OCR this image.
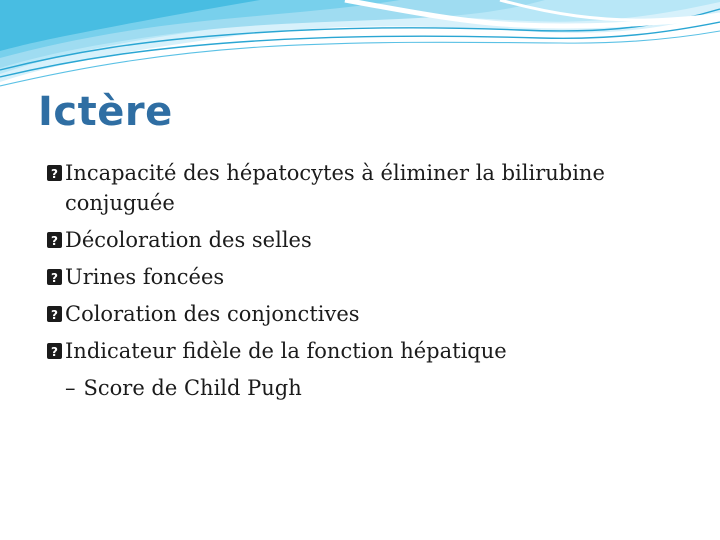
Ictère

?
Incapacité des hépatocytes à éliminer la bilirubine conjuguée

?
Décoloration des selles

?
Urines foncées

?
Coloration des conjonctives

?
Indicateur fidèle de la fonction hépatique

– Score de Child Pugh
